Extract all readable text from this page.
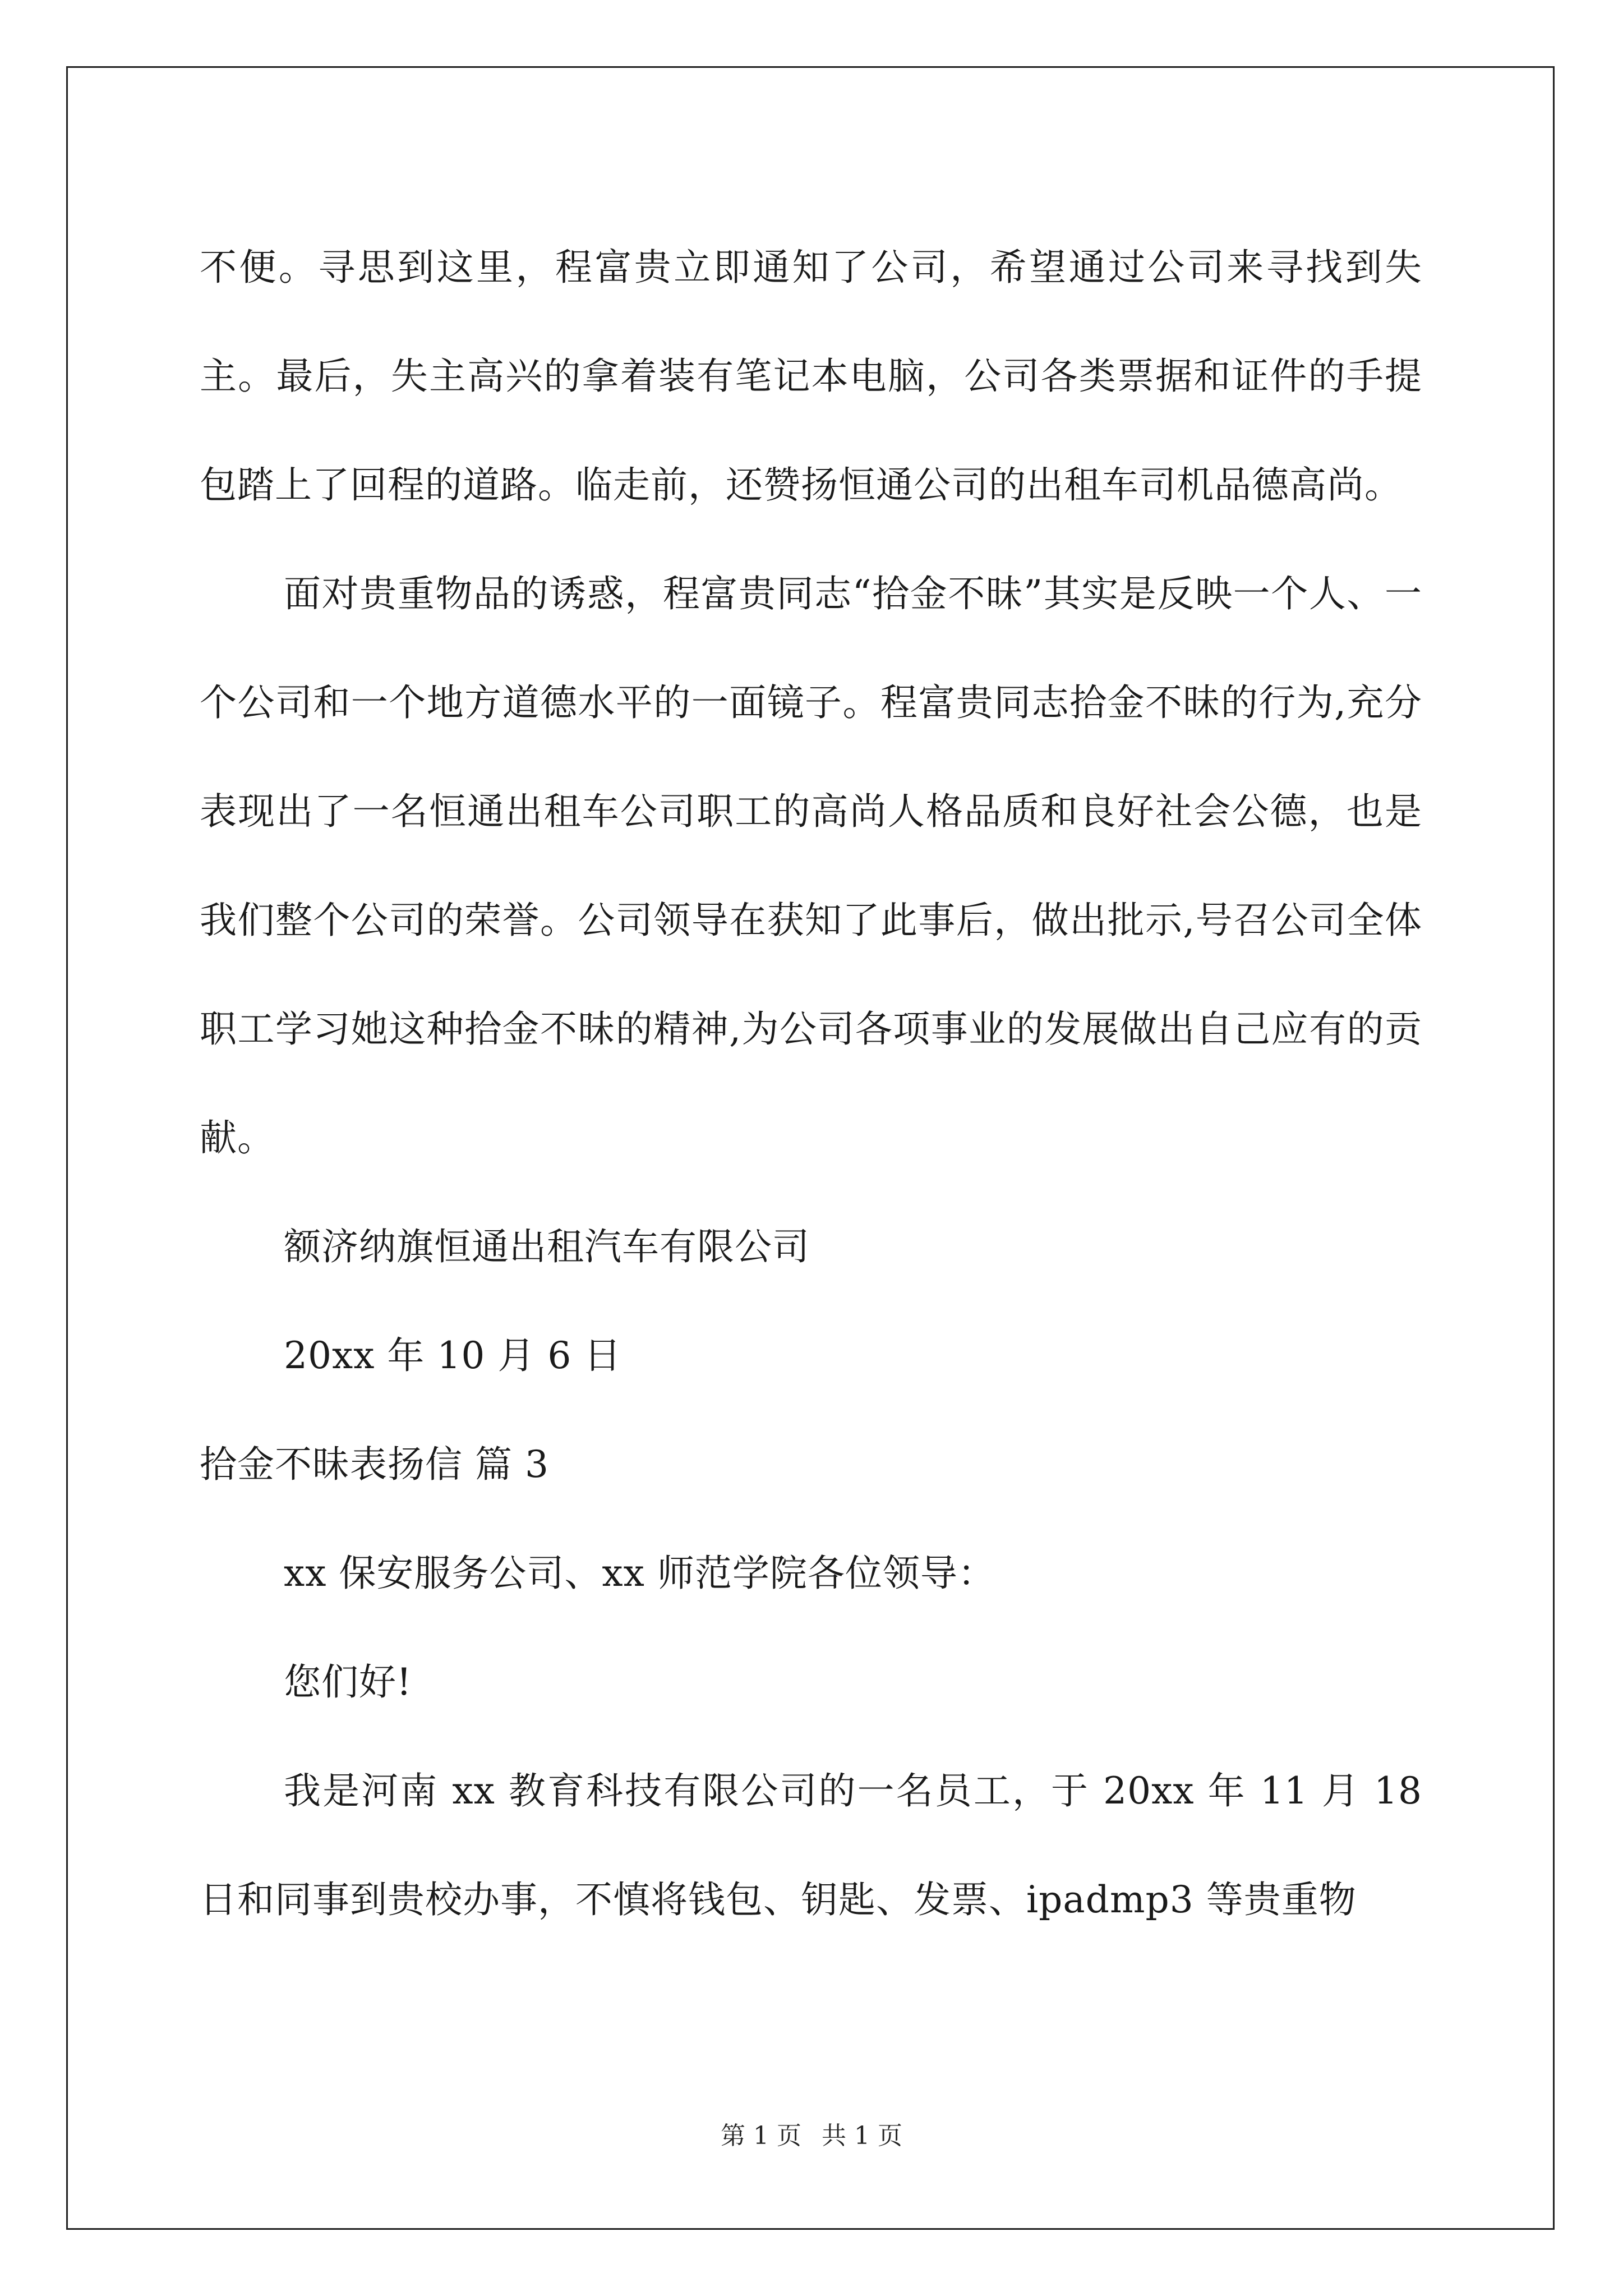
不便。寻思到这里，程富贵立即通知了公司，希望通过公司来寻找到失主。最后，失主高兴的拿着装有笔记本电脑，公司各类票据和证件的手提包踏上了回程的道路。临走前，还赞扬恒通公司的出租车司机品德高尚。

面对贵重物品的诱惑，程富贵同志“拾金不昧”其实是反映一个人、一个公司和一个地方道德水平的一面镜子。程富贵同志拾金不昧的行为,充分表现出了一名恒通出租车公司职工的高尚人格品质和良好社会公德，也是我们整个公司的荣誉。公司领导在获知了此事后，做出批示,号召公司全体职工学习她这种拾金不昧的精神,为公司各项事业的发展做出自己应有的贡献。

额济纳旗恒通出租汽车有限公司

20xx 年 10 月 6 日

拾金不昧表扬信 篇 3

xx 保安服务公司、xx 师范学院各位领导：

您们好!

我是河南 xx 教育科技有限公司的一名员工，于 20xx 年 11 月 18 日和同事到贵校办事，不慎将钱包、钥匙、发票、ipadmp3 等贵重物

第 1 页 共 1 页
